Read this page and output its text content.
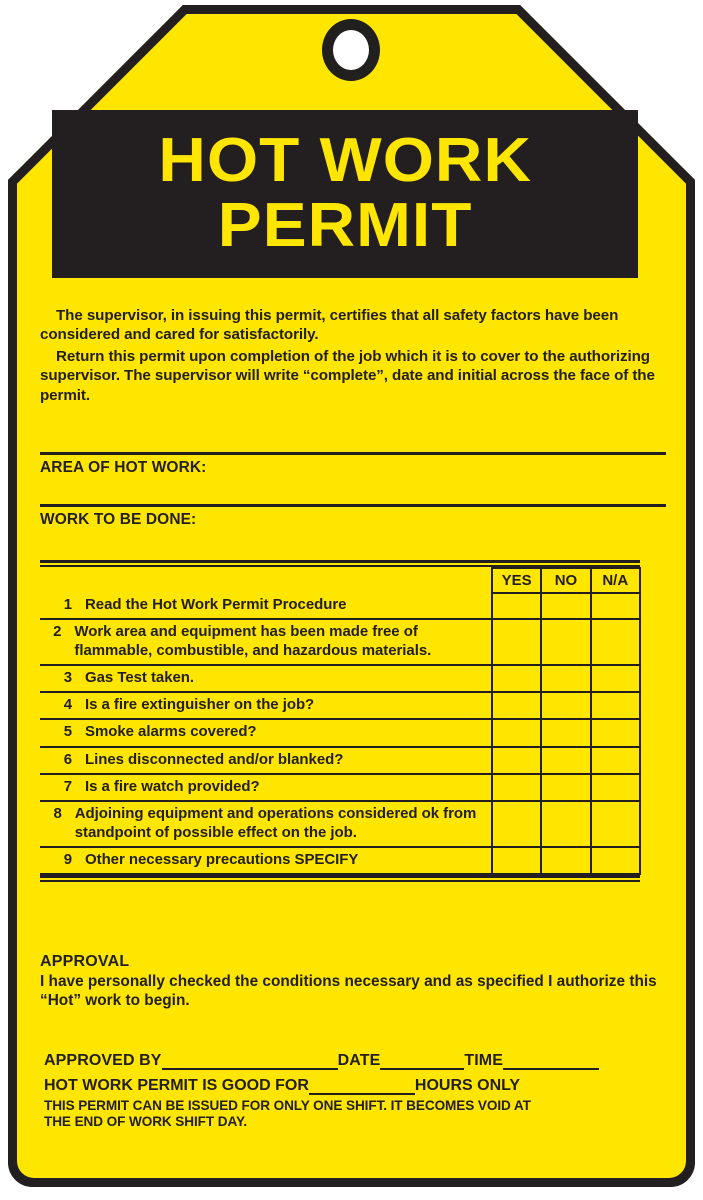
HOT WORK
PERMIT

The supervisor, in issuing this permit, certifies that all safety factors have been considered and cared for satisfactorily.

Return this permit upon completion of the job which it is to cover to the authorizing supervisor. The supervisor will write “complete”, date and initial across the face of the permit.

AREA OF HOT WORK:
WORK TO BE DONE:
	YES	NO	N/A

1 Read the Hot Work Permit Procedure			

2 Work area and equipment has been made free of flammable, combustible, and hazardous materials.			

3 Gas Test taken.			

4 Is a fire extinguisher on the job?			

5 Smoke alarms covered?			

6 Lines disconnected and/or blanked?			

7 Is a fire watch provided?			

8 Adjoining equipment and operations considered ok from standpoint of possible effect on the job.			

9 Other necessary precautions SPECIFY			

APPROVAL
I have personally checked the conditions necessary and as specified I authorize this “Hot” work to begin.
APPROVED BY	DATE	TIME
HOT WORK PERMIT IS GOOD FOR	HOURS ONLY
THIS PERMIT CAN BE ISSUED FOR ONLY ONE SHIFT. IT BECOMES VOID AT
THE END OF WORK SHIFT DAY.
